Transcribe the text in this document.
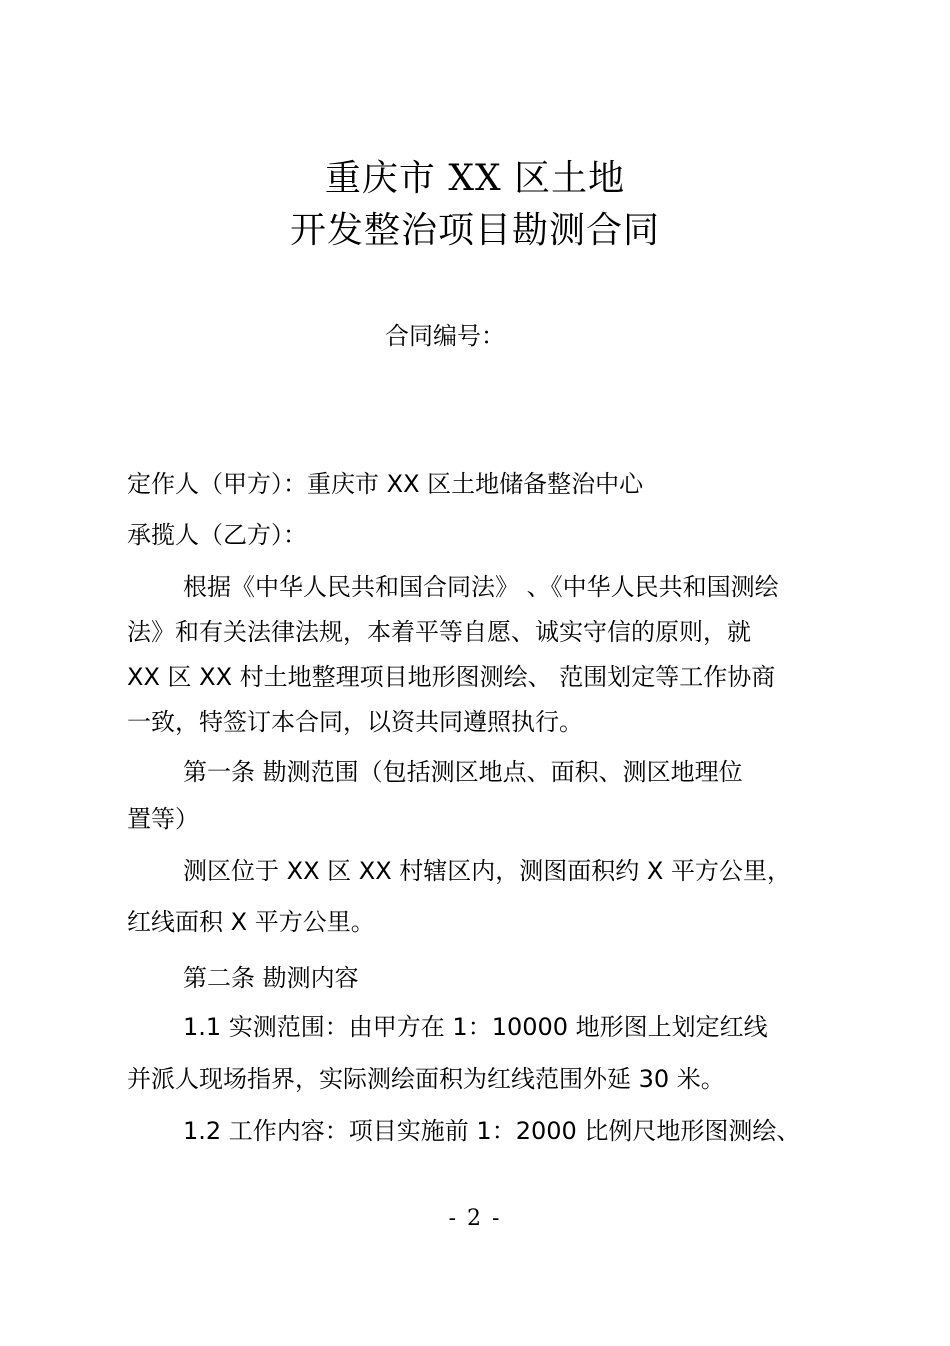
重庆市 XX 区土地
开发整治项目勘测合同
合同编号：
定作人（甲方）：重庆市 XX 区土地储备整治中心
承揽人（乙方）：
根据《中华人民共和国合同法》 、《中华人民共和国测绘
法》和有关法律法规，本着平等自愿、诚实守信的原则，就
XX 区 XX 村土地整理项目地形图测绘、 范围划定等工作协商
一致，特签订本合同，以资共同遵照执行。
第一条 勘测范围（包括测区地点、面积、测区地理位
置等）
测区位于 XX 区 XX 村辖区内，测图面积约 X 平方公里，
红线面积 X 平方公里。
第二条 勘测内容
1.1 实测范围：由甲方在 1：10000 地形图上划定红线
并派人现场指界，实际测绘面积为红线范围外延 30 米。
1.2 工作内容：项目实施前 1：2000 比例尺地形图测绘、
- 2 -
